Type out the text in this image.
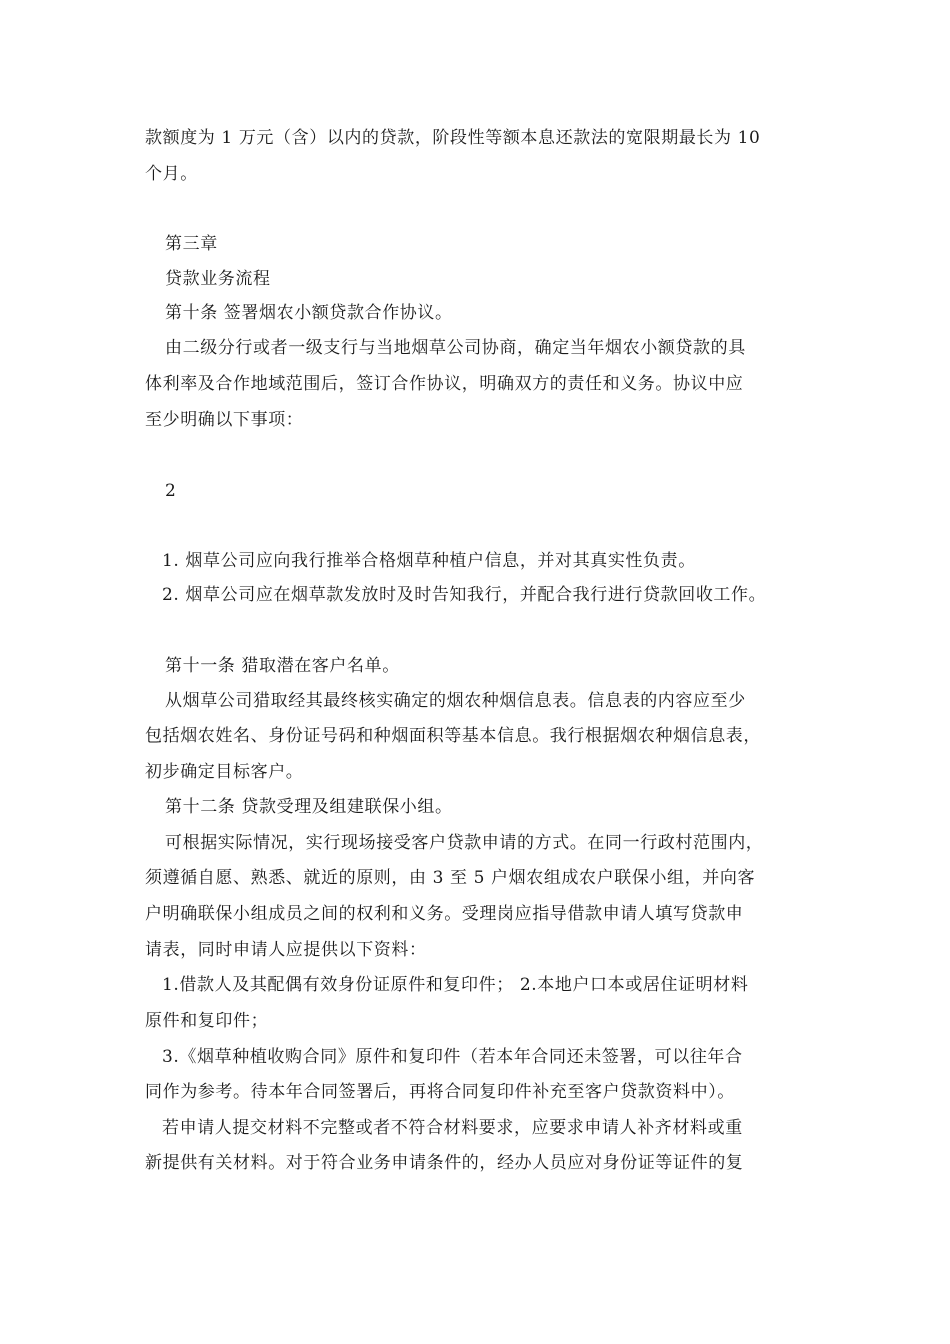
款额度为 1 万元（含）以内的贷款，阶段性等额本息还款法的宽限期最长为 10
个月。
第三章
贷款业务流程
第十条 签署烟农小额贷款合作协议。
由二级分行或者一级支行与当地烟草公司协商，确定当年烟农小额贷款的具
体利率及合作地域范围后，签订合作协议，明确双方的责任和义务。协议中应
至少明确以下事项：
2
1. 烟草公司应向我行推举合格烟草种植户信息，并对其真实性负责。
2. 烟草公司应在烟草款发放时及时告知我行，并配合我行进行贷款回收工作。
第十一条 猎取潜在客户名单。
从烟草公司猎取经其最终核实确定的烟农种烟信息表。信息表的内容应至少
包括烟农姓名、身份证号码和种烟面积等基本信息。我行根据烟农种烟信息表，
初步确定目标客户。
第十二条 贷款受理及组建联保小组。
可根据实际情况，实行现场接受客户贷款申请的方式。在同一行政村范围内，
须遵循自愿、熟悉、就近的原则，由 3 至 5 户烟农组成农户联保小组，并向客
户明确联保小组成员之间的权利和义务。受理岗应指导借款申请人填写贷款申
请表，同时申请人应提供以下资料：
1.借款人及其配偶有效身份证原件和复印件； 2.本地户口本或居住证明材料
原件和复印件；
3.《烟草种植收购合同》原件和复印件（若本年合同还未签署，可以往年合
同作为参考。待本年合同签署后，再将合同复印件补充至客户贷款资料中）。
若申请人提交材料不完整或者不符合材料要求，应要求申请人补齐材料或重
新提供有关材料。对于符合业务申请条件的，经办人员应对身份证等证件的复
